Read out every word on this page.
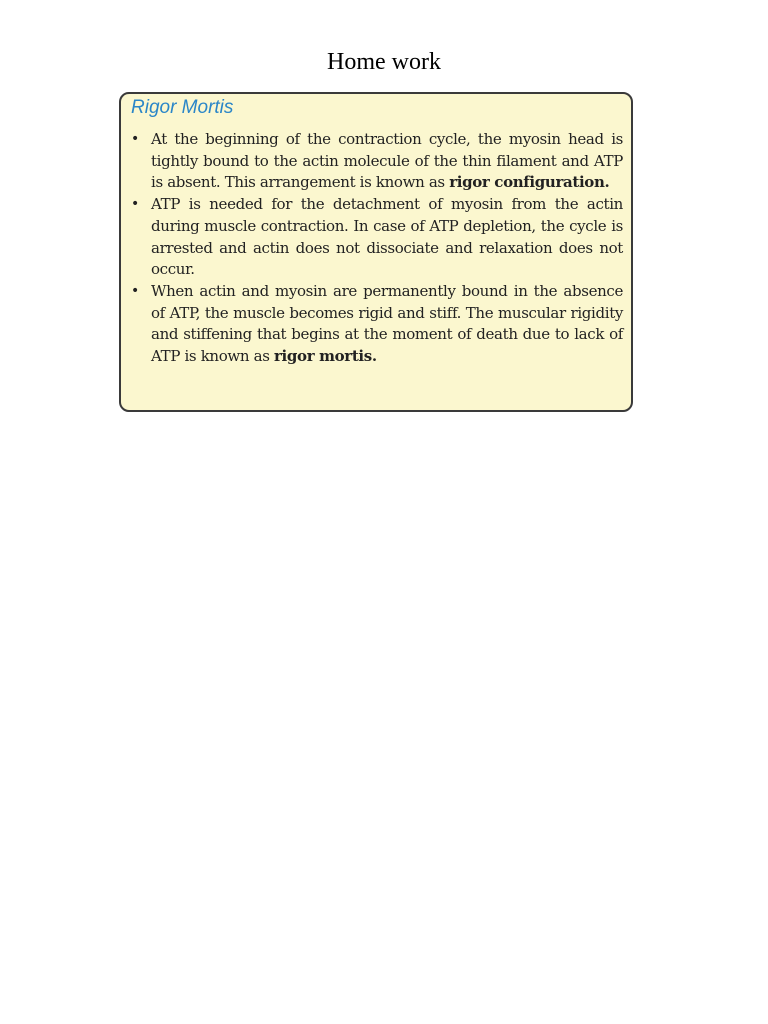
Home work
Rigor Mortis
• At the beginning of the contraction cycle, the myosin head is tightly bound to the actin molecule of the thin filament and ATP is absent. This arrangement is known as rigor configuration.
• ATP is needed for the detachment of myosin from the actin during muscle contraction. In case of ATP depletion, the cycle is arrested and actin does not dissociate and relaxation does not occur.
• When actin and myosin are permanently bound in the absence of ATP, the muscle becomes rigid and stiff. The muscular rigidity and stiffening that begins at the moment of death due to lack of ATP is known as rigor mortis.
